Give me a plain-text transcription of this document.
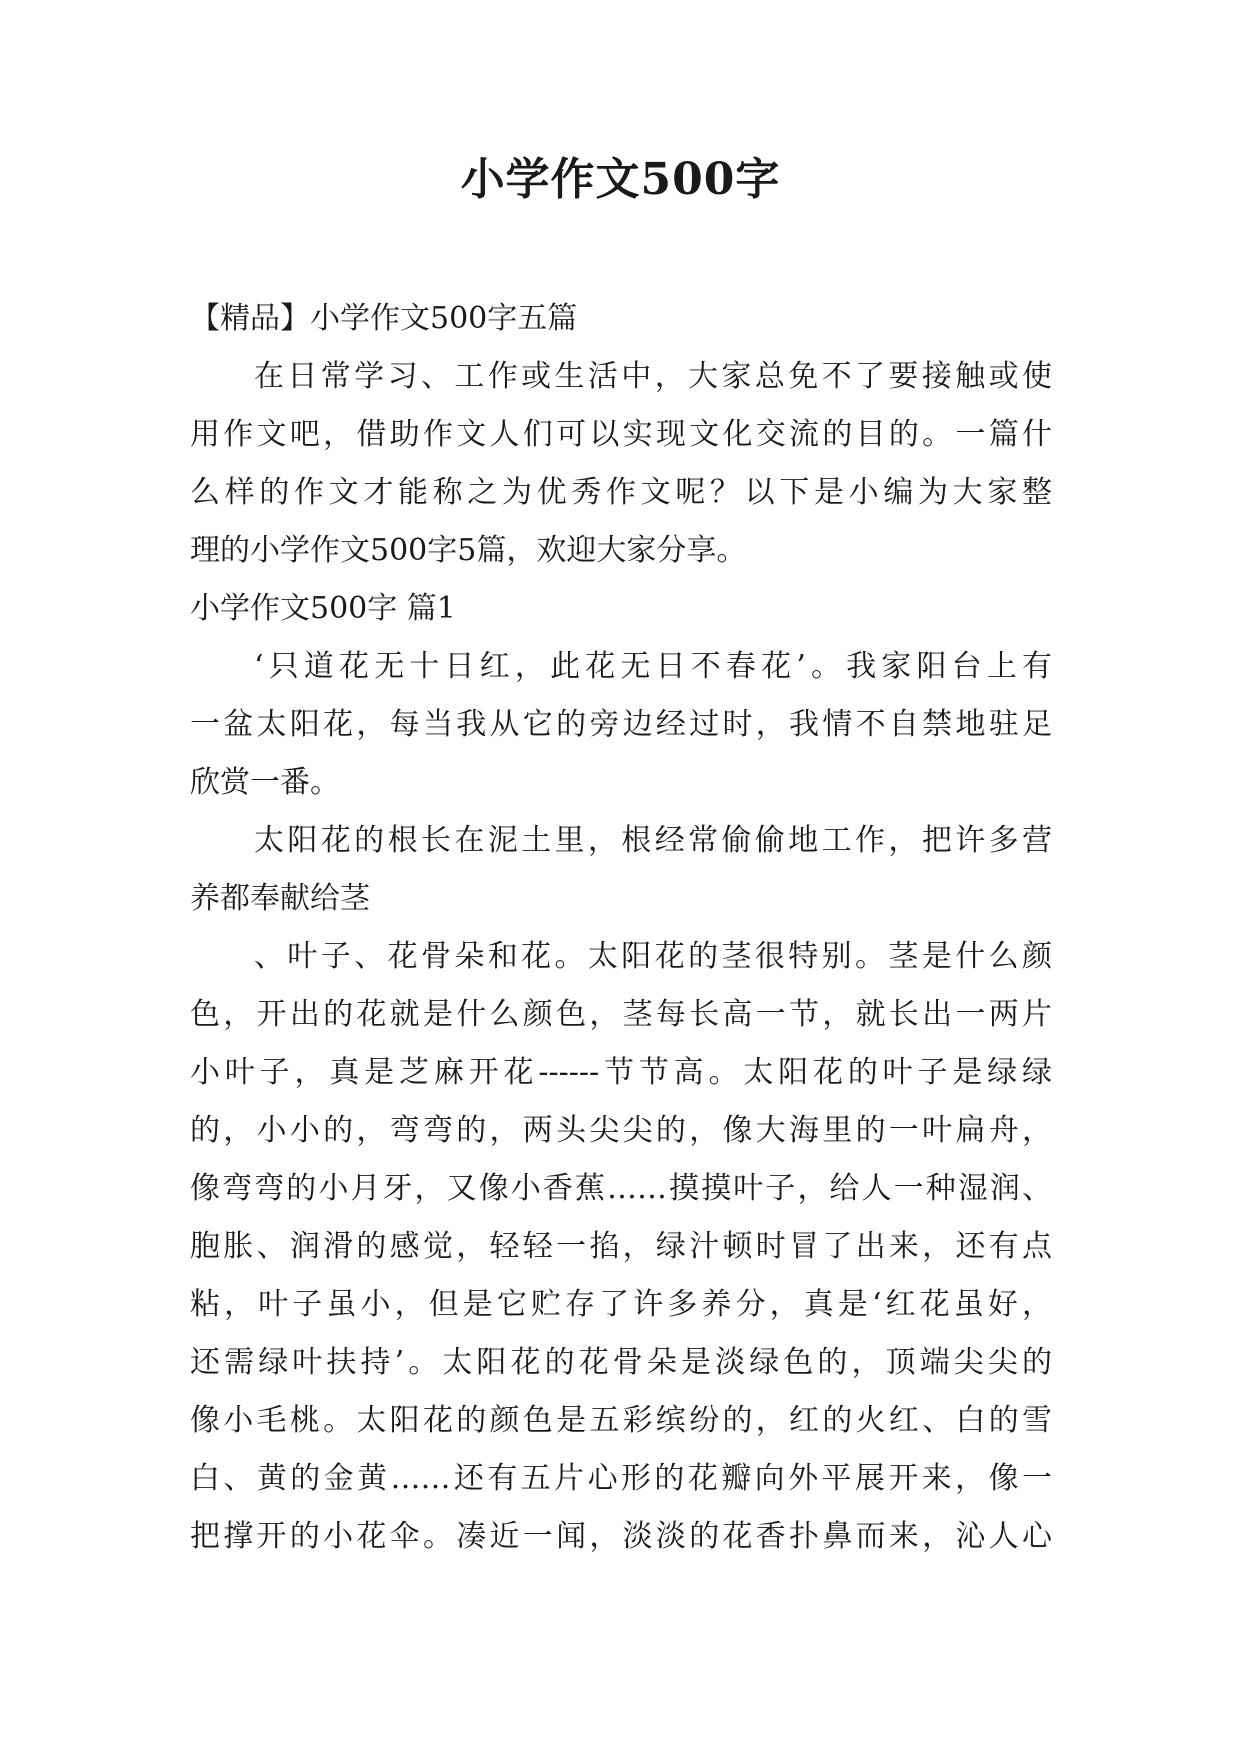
小学作文500字
【精品】小学作文500字五篇
在日常学习、工作或生活中，大家总免不了要接触或使
用作文吧，借助作文人们可以实现文化交流的目的。一篇什
么样的作文才能称之为优秀作文呢？以下是小编为大家整
理的小学作文500字5篇，欢迎大家分享。
小学作文500字 篇1
‘只道花无十日红，此花无日不春花’。我家阳台上有
一盆太阳花，每当我从它的旁边经过时，我情不自禁地驻足
欣赏一番。
太阳花的根长在泥土里，根经常偷偷地工作，把许多营
养都奉献给茎
、叶子、花骨朵和花。太阳花的茎很特别。茎是什么颜
色，开出的花就是什么颜色，茎每长高一节，就长出一两片
小叶子，真是芝麻开花------节节高。太阳花的叶子是绿绿
的，小小的，弯弯的，两头尖尖的，像大海里的一叶扁舟，
像弯弯的小月牙，又像小香蕉……摸摸叶子，给人一种湿润、
胞胀、润滑的感觉，轻轻一掐，绿汁顿时冒了出来，还有点
粘，叶子虽小，但是它贮存了许多养分，真是‘红花虽好，
还需绿叶扶持’。太阳花的花骨朵是淡绿色的，顶端尖尖的
像小毛桃。太阳花的颜色是五彩缤纷的，红的火红、白的雪
白、黄的金黄……还有五片心形的花瓣向外平展开来，像一
把撑开的小花伞。凑近一闻，淡淡的花香扑鼻而来，沁人心
